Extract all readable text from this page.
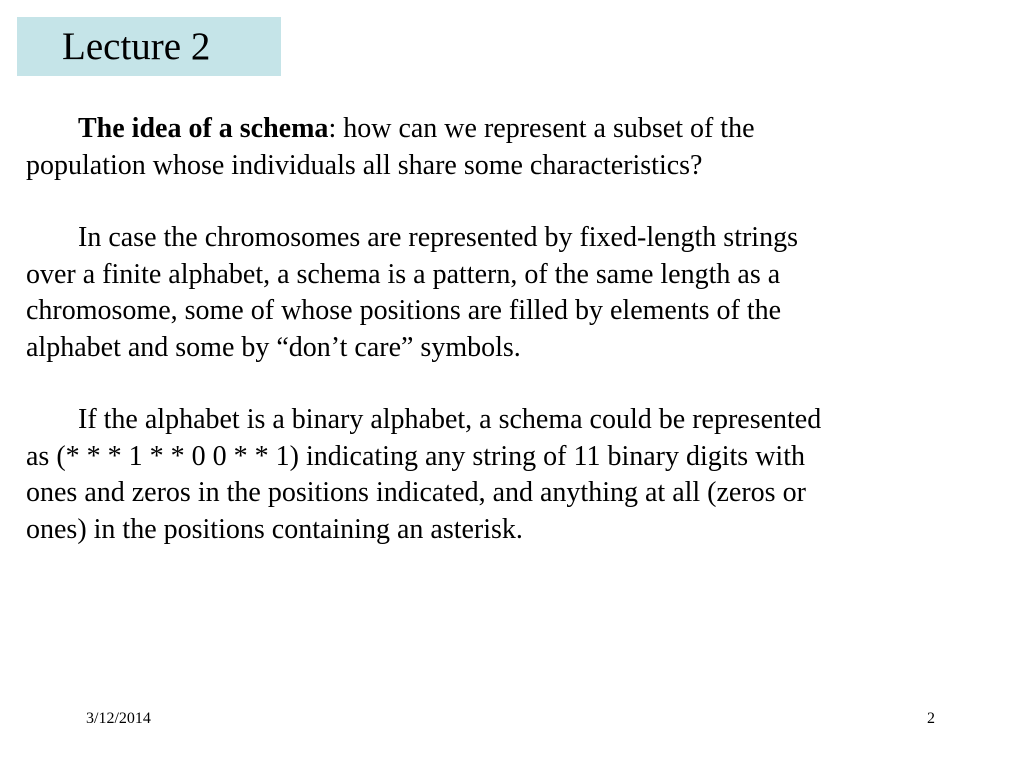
Lecture 2

The idea of a schema: how can we represent a subset of the
population whose individuals all share some characteristics?

In case the chromosomes are represented by fixed-length strings
over a finite alphabet, a schema is a pattern, of the same length as a
chromosome, some of whose positions are filled by elements of the
alphabet and some by “don’t care” symbols.

If the alphabet is a binary alphabet, a schema could be represented
as (* * * 1 * * 0 0 * * 1) indicating any string of 11 binary digits with
ones and zeros in the positions indicated, and anything at all (zeros or
ones) in the positions containing an asterisk.

3/12/2014	2
